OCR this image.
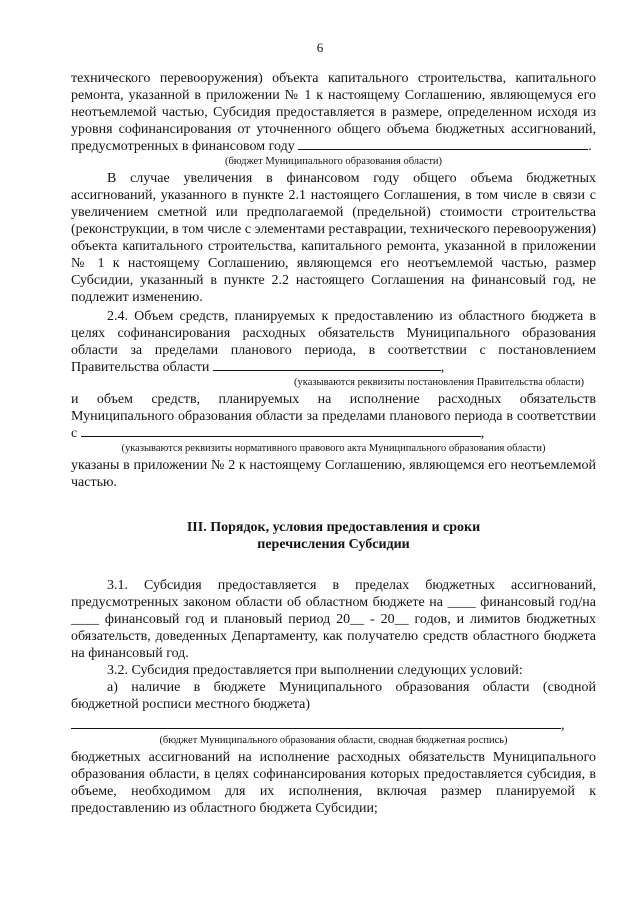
6

технического перевооружения) объекта капитального строительства, капитального ремонта, указанной в приложении № 1 к настоящему Соглашению, являющемуся его неотъемлемой частью, Субсидия предоставляется в размере, определенном исходя из уровня софинансирования от уточненного общего объема бюджетных ассигнований, предусмотренных в финансовом году	.

(бюджет Муниципального образования области)

В случае увеличения в финансовом году общего объема бюджетных ассигнований, указанного в пункте 2.1 настоящего Соглашения, в том числе в связи с увеличением сметной или предполагаемой (предельной) стоимости строительства (реконструкции, в том числе с элементами реставрации, технического перевооружения) объекта капитального строительства, капитального ремонта, указанной в приложении № 1 к настоящему Соглашению, являющемся его неотъемлемой частью, размер Субсидии, указанный в пункте 2.2 настоящего Соглашения на финансовый год, не подлежит изменению.

2.4. Объем средств, планируемых к предоставлению из областного бюджета в целях софинансирования расходных обязательств Муниципального образования области за пределами планового периода, в соответствии с постановлением Правительства области	,

(указываются реквизиты постановления Правительства области)

и объем средств, планируемых на исполнение расходных обязательств Муниципального образования области за пределами планового периода в соответствии с	,

(указываются реквизиты нормативного правового акта Муниципального образования области)

указаны в приложении № 2 к настоящему Соглашению, являющемся его неотъемлемой частью.

III. Порядок, условия предоставления и сроки
перечисления Субсидии

3.1. Субсидия предоставляется в пределах бюджетных ассигнований, предусмотренных законом области об областном бюджете на ____ финансовый год/на ____ финансовый год и плановый период 20__ - 20__ годов, и лимитов бюджетных обязательств, доведенных Департаменту, как получателю средств областного бюджета на финансовый год.

3.2. Субсидия предоставляется при выполнении следующих условий:

а) наличие в бюджете Муниципального образования области (сводной бюджетной росписи местного бюджета)

,

(бюджет Муниципального образования области, сводная бюджетная роспись)

бюджетных ассигнований на исполнение расходных обязательств Муниципального образования области, в целях софинансирования которых предоставляется субсидия, в объеме, необходимом для их исполнения, включая размер планируемой к предоставлению из областного бюджета Субсидии;
